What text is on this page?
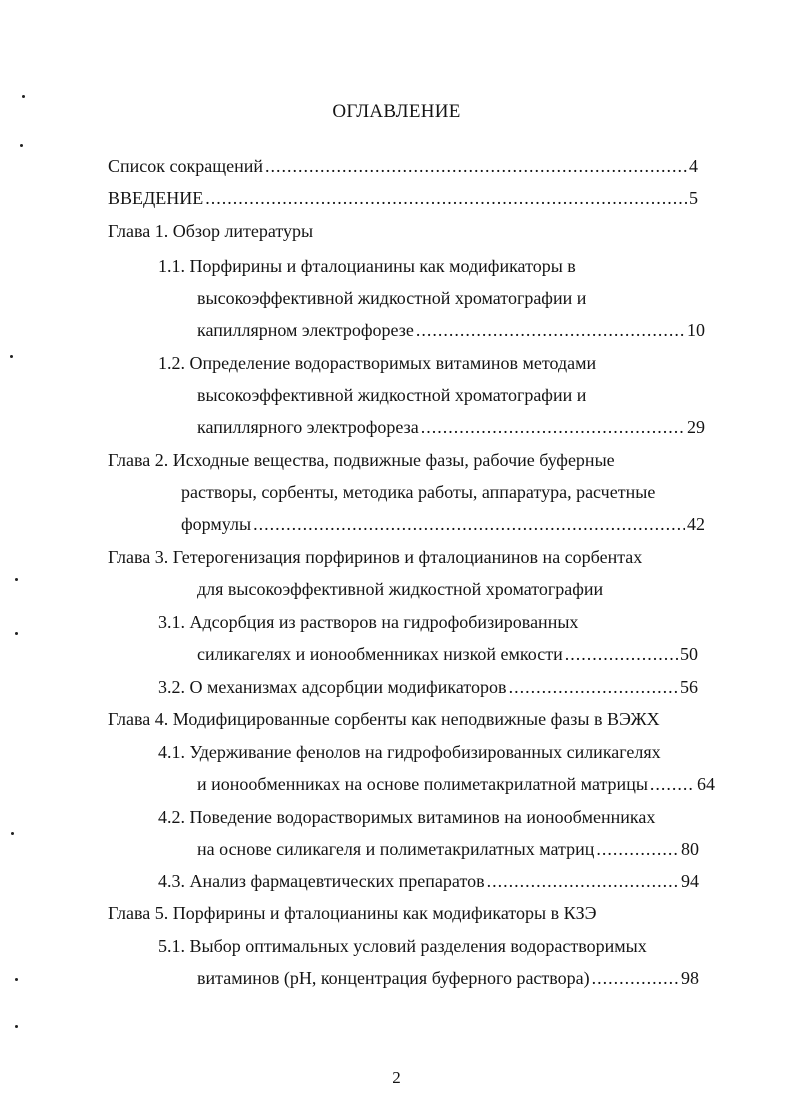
ОГЛАВЛЕНИЕ
Список сокращений .....	4
ВВЕДЕНИЕ .....	5
Глава 1. Обзор литературы
1.1. Порфирины и фталоцианины как модификаторы в
высокоэффективной жидкостной хроматографии и
капиллярном электрофорезе .....	10
1.2. Определение водорастворимых витаминов методами
высокоэффективной жидкостной хроматографии и
капиллярного электрофореза .....	29
Глава 2. Исходные вещества, подвижные фазы, рабочие буферные
растворы, сорбенты, методика работы, аппаратура, расчетные
формулы .....	42
Глава 3. Гетерогенизация порфиринов и фталоцианинов на сорбентах
для высокоэффективной жидкостной хроматографии
3.1. Адсорбция из растворов на гидрофобизированных
силикагелях и ионообменниках низкой емкости .....	50
3.2. О механизмах адсорбции модификаторов .....	56
Глава 4. Модифицированные сорбенты как неподвижные фазы в ВЭЖХ
4.1. Удерживание фенолов на гидрофобизированных силикагелях
и ионообменниках на основе полиметакрилатной матрицы .....	64
4.2. Поведение водорастворимых витаминов на ионообменниках
на основе силикагеля и полиметакрилатных матриц .....	80
4.3. Анализ фармацевтических препаратов .....	94
Глава 5. Порфирины и фталоцианины как модификаторы в КЗЭ
5.1. Выбор оптимальных условий разделения водорастворимых
витаминов (рН, концентрация буферного раствора) .....	98
2
